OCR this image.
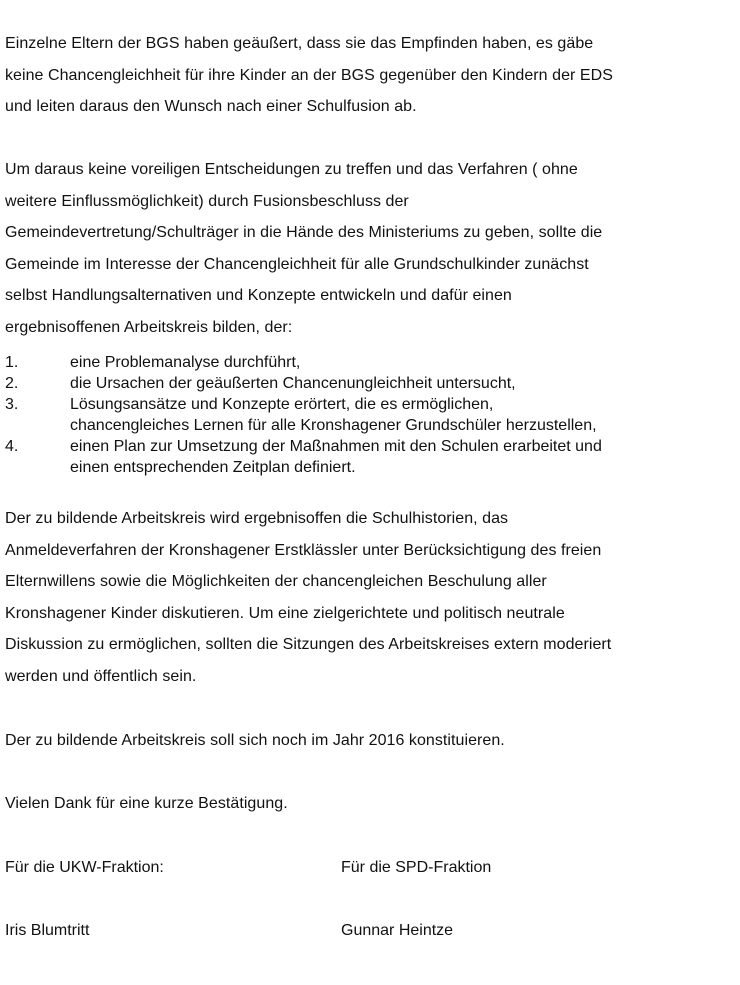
Einzelne Eltern der BGS haben geäußert, dass sie das Empfinden haben, es gäbe
keine Chancengleichheit für ihre Kinder an der BGS gegenüber den Kindern der EDS
und leiten daraus den Wunsch nach einer Schulfusion ab.

Um daraus keine voreiligen Entscheidungen zu treffen und das Verfahren ( ohne
weitere Einflussmöglichkeit) durch Fusionsbeschluss der
Gemeindevertretung/Schulträger in die Hände des Ministeriums zu geben, sollte die
Gemeinde im Interesse der Chancengleichheit für alle Grundschulkinder zunächst
selbst Handlungsalternativen und Konzepte entwickeln und dafür einen
ergebnisoffenen Arbeitskreis bilden, der:

1.	eine Problemanalyse durchführt,
2.	die Ursachen der geäußerten Chancenungleichheit untersucht,
3.	Lösungsansätze und Konzepte erörtert, die es ermöglichen,
chancengleiches Lernen für alle Kronshagener Grundschüler herzustellen,
4.	einen Plan zur Umsetzung der Maßnahmen mit den Schulen erarbeitet und
einen entsprechenden Zeitplan definiert.

Der zu bildende Arbeitskreis wird ergebnisoffen die Schulhistorien, das
Anmeldeverfahren der Kronshagener Erstklässler unter Berücksichtigung des freien
Elternwillens sowie die Möglichkeiten der chancengleichen Beschulung aller
Kronshagener Kinder diskutieren. Um eine zielgerichtete und politisch neutrale
Diskussion zu ermöglichen, sollten die Sitzungen des Arbeitskreises extern moderiert
werden und öffentlich sein.

Der zu bildende Arbeitskreis soll sich noch im Jahr 2016 konstituieren.

Vielen Dank für eine kurze Bestätigung.

Für die UKW-Fraktion:	Für die SPD-Fraktion
Iris Blumtritt	Gunnar Heintze
